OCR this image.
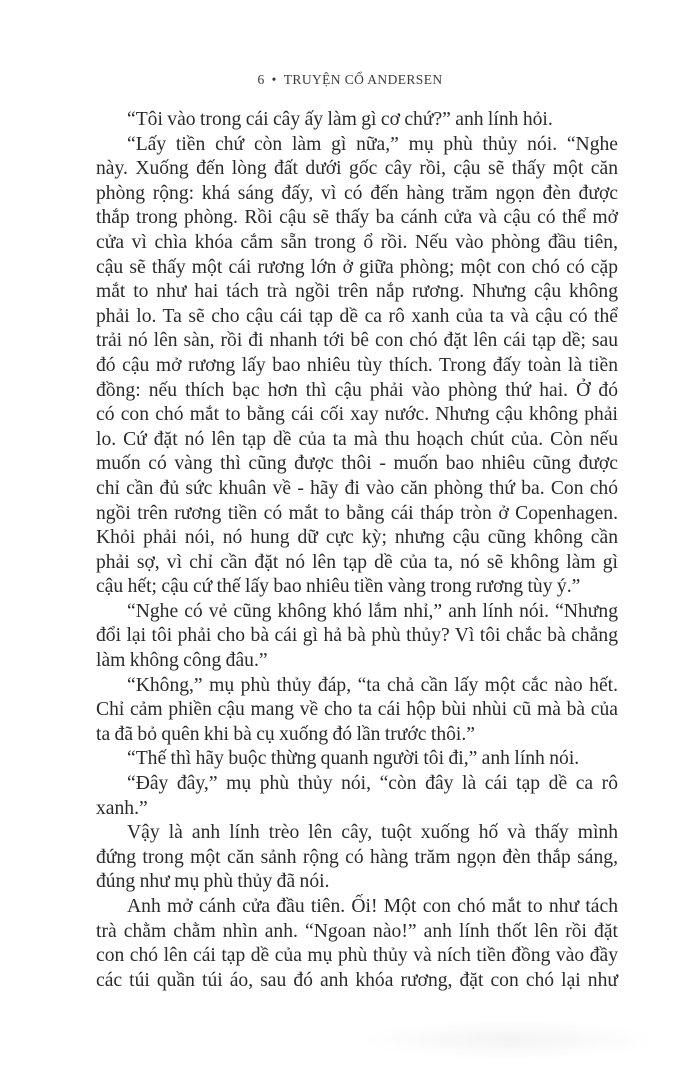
6 • TRUYỆN CỔ ANDERSEN
“Tôi vào trong cái cây ấy làm gì cơ chứ?” anh lính hỏi.
“Lấy tiền chứ còn làm gì nữa,” mụ phù thủy nói. “Nghe
này. Xuống đến lòng đất dưới gốc cây rồi, cậu sẽ thấy một căn
phòng rộng: khá sáng đấy, vì có đến hàng trăm ngọn đèn được
thắp trong phòng. Rồi cậu sẽ thấy ba cánh cửa và cậu có thể mở
cửa vì chìa khóa cắm sẵn trong ổ rồi. Nếu vào phòng đầu tiên,
cậu sẽ thấy một cái rương lớn ở giữa phòng; một con chó có cặp
mắt to như hai tách trà ngồi trên nắp rương. Nhưng cậu không
phải lo. Ta sẽ cho cậu cái tạp dề ca rô xanh của ta và cậu có thể
trải nó lên sàn, rồi đi nhanh tới bê con chó đặt lên cái tạp dề; sau
đó cậu mở rương lấy bao nhiêu tùy thích. Trong đấy toàn là tiền
đồng: nếu thích bạc hơn thì cậu phải vào phòng thứ hai. Ở đó
có con chó mắt to bằng cái cối xay nước. Nhưng cậu không phải
lo. Cứ đặt nó lên tạp dề của ta mà thu hoạch chút của. Còn nếu
muốn có vàng thì cũng được thôi - muốn bao nhiêu cũng được
chỉ cần đủ sức khuân về - hãy đi vào căn phòng thứ ba. Con chó
ngồi trên rương tiền có mắt to bằng cái tháp tròn ở Copenhagen.
Khỏi phải nói, nó hung dữ cực kỳ; nhưng cậu cũng không cần
phải sợ, vì chỉ cần đặt nó lên tạp dề của ta, nó sẽ không làm gì
cậu hết; cậu cứ thế lấy bao nhiêu tiền vàng trong rương tùy ý.”
“Nghe có vẻ cũng không khó lắm nhỉ,” anh lính nói. “Nhưng
đổi lại tôi phải cho bà cái gì hả bà phù thủy? Vì tôi chắc bà chẳng
làm không công đâu.”
“Không,” mụ phù thủy đáp, “ta chả cần lấy một cắc nào hết.
Chỉ cảm phiền cậu mang về cho ta cái hộp bùi nhùi cũ mà bà của
ta đã bỏ quên khi bà cụ xuống đó lần trước thôi.”
“Thế thì hãy buộc thừng quanh người tôi đi,” anh lính nói.
“Đây đây,” mụ phù thủy nói, “còn đây là cái tạp dề ca rô
xanh.”
Vậy là anh lính trèo lên cây, tuột xuống hố và thấy mình
đứng trong một căn sảnh rộng có hàng trăm ngọn đèn thắp sáng,
đúng như mụ phù thủy đã nói.
Anh mở cánh cửa đầu tiên. Ối! Một con chó mắt to như tách
trà chằm chằm nhìn anh. “Ngoan nào!” anh lính thốt lên rồi đặt
con chó lên cái tạp dề của mụ phù thủy và ních tiền đồng vào đầy
các túi quần túi áo, sau đó anh khóa rương, đặt con chó lại như
